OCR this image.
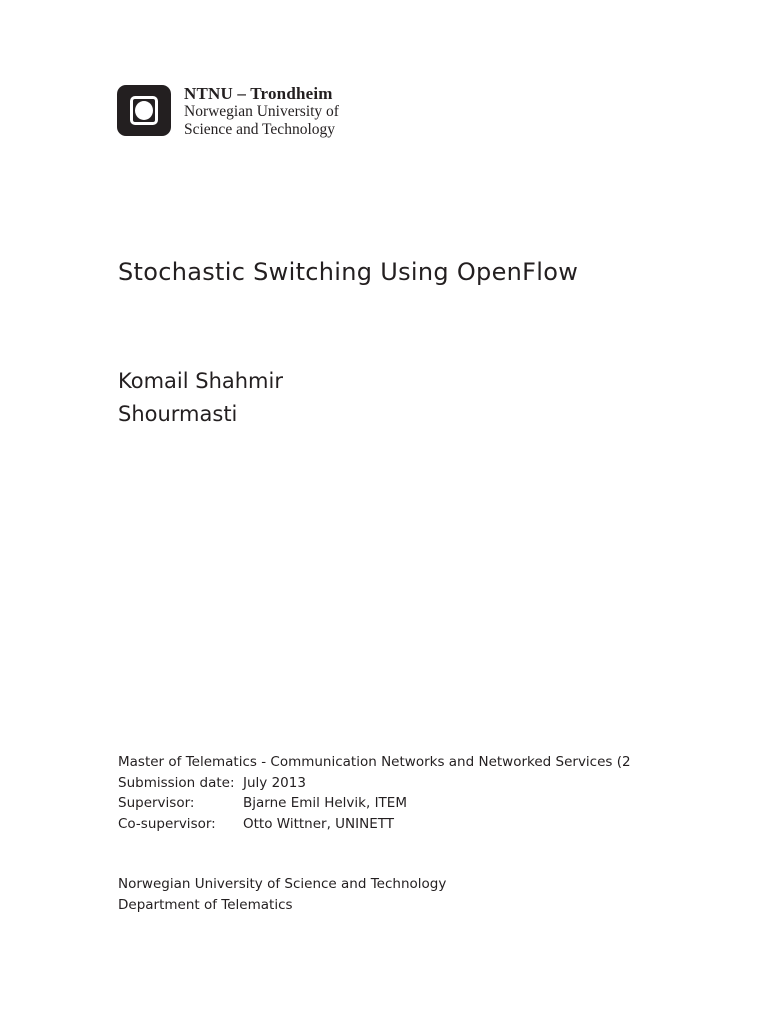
NTNU – Trondheim
Norwegian University of
Science and Technology
Stochastic Switching Using OpenFlow
Komail Shahmir
Shourmasti
Master of Telematics - Communication Networks and Networked Services (2
Submission date: July 2013
Supervisor:	Bjarne Emil Helvik, ITEM
Co-supervisor:	Otto Wittner, UNINETT
Norwegian University of Science and Technology
Department of Telematics
